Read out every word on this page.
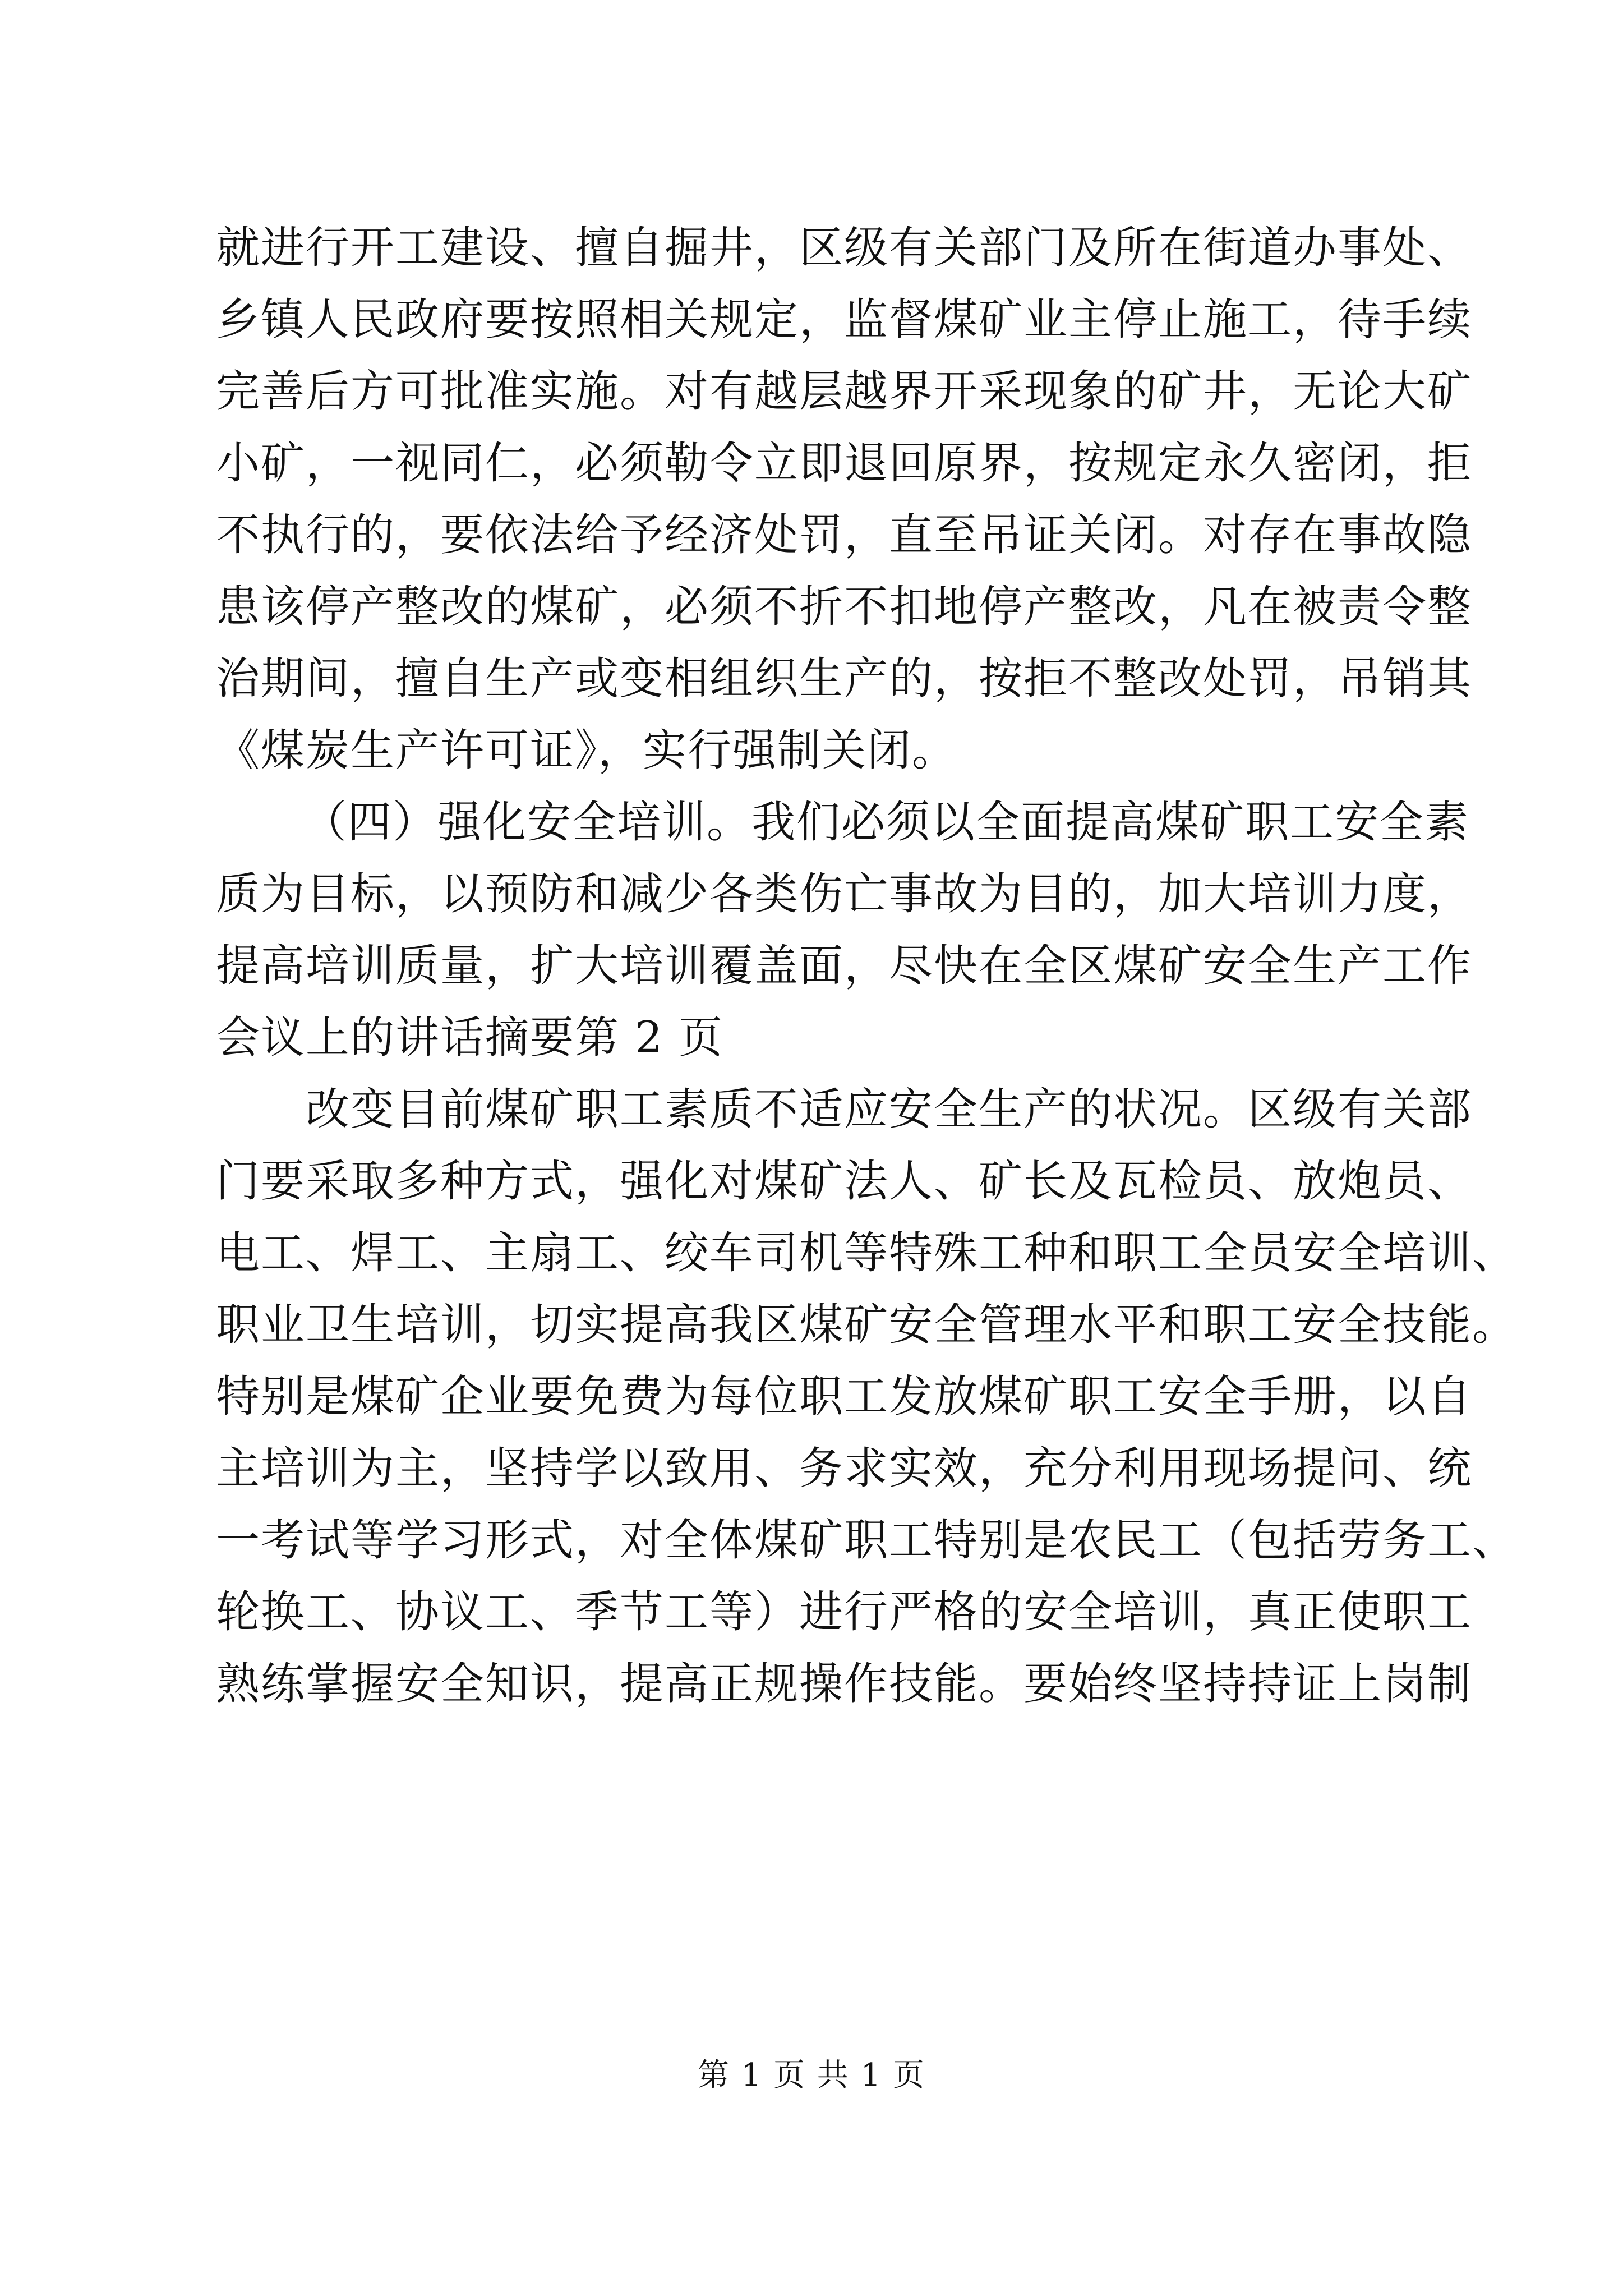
就进行开工建设、擅自掘井，区级有关部门及所在街道办事处、
乡镇人民政府要按照相关规定，监督煤矿业主停止施工，待手续
完善后方可批准实施。对有越层越界开采现象的矿井，无论大矿
小矿，一视同仁，必须勒令立即退回原界，按规定永久密闭，拒
不执行的，要依法给予经济处罚，直至吊证关闭。对存在事故隐
患该停产整改的煤矿，必须不折不扣地停产整改，凡在被责令整
治期间，擅自生产或变相组织生产的，按拒不整改处罚，吊销其
《煤炭生产许可证》，实行强制关闭。
（四）强化安全培训。我们必须以全面提高煤矿职工安全素
质为目标，以预防和减少各类伤亡事故为目的，加大培训力度，
提高培训质量，扩大培训覆盖面，尽快在全区煤矿安全生产工作
会议上的讲话摘要第 2 页
改变目前煤矿职工素质不适应安全生产的状况。区级有关部
门要采取多种方式，强化对煤矿法人、矿长及瓦检员、放炮员、
电工、焊工、主扇工、绞车司机等特殊工种和职工全员安全培训、
职业卫生培训，切实提高我区煤矿安全管理水平和职工安全技能。
特别是煤矿企业要免费为每位职工发放煤矿职工安全手册，以自
主培训为主，坚持学以致用、务求实效，充分利用现场提问、统
一考试等学习形式，对全体煤矿职工特别是农民工（包括劳务工、
轮换工、协议工、季节工等）进行严格的安全培训，真正使职工
熟练掌握安全知识，提高正规操作技能。要始终坚持持证上岗制
第 1 页 共 1 页
